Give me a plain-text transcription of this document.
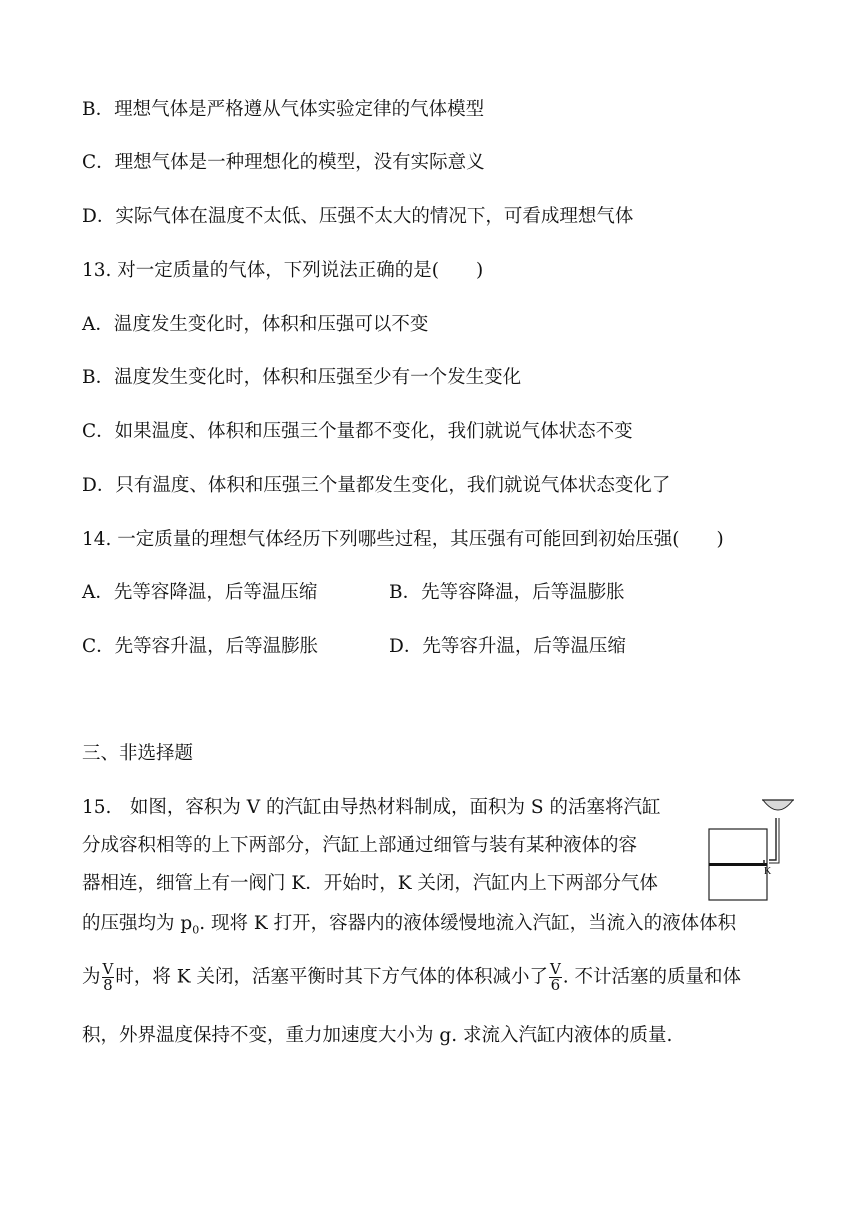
B．理想气体是严格遵从气体实验定律的气体模型
C．理想气体是一种理想化的模型，没有实际意义
D．实际气体在温度不太低、压强不太大的情况下，可看成理想气体
13. 对一定质量的气体，下列说法正确的是(　　)
A．温度发生变化时，体积和压强可以不变
B．温度发生变化时，体积和压强至少有一个发生变化
C．如果温度、体积和压强三个量都不变化，我们就说气体状态不变
D．只有温度、体积和压强三个量都发生变化，我们就说气体状态变化了
14. 一定质量的理想气体经历下列哪些过程，其压强有可能回到初始压强(　　)
A．先等容降温，后等温压缩	B．先等容降温，后等温膨胀
C．先等容升温，后等温膨胀	D．先等容升温，后等温压缩
三、非选择题
15.　如图，容积为 V 的汽缸由导热材料制成，面积为 S 的活塞将汽缸
分成容积相等的上下两部分，汽缸上部通过细管与装有某种液体的容
器相连，细管上有一阀门 K．开始时，K 关闭，汽缸内上下两部分气体
的压强均为 $p_0$. 现将 K 打开，容器内的液体缓慢地流入汽缸，当流入的液体体积
为 $\frac{V}{8}$ 时，将 K 关闭，活塞平衡时其下方气体的体积减小了 $\frac{V}{6}$ . 不计活塞的质量和体
积，外界温度保持不变，重力加速度大小为 g. 求流入汽缸内液体的质量.
K
